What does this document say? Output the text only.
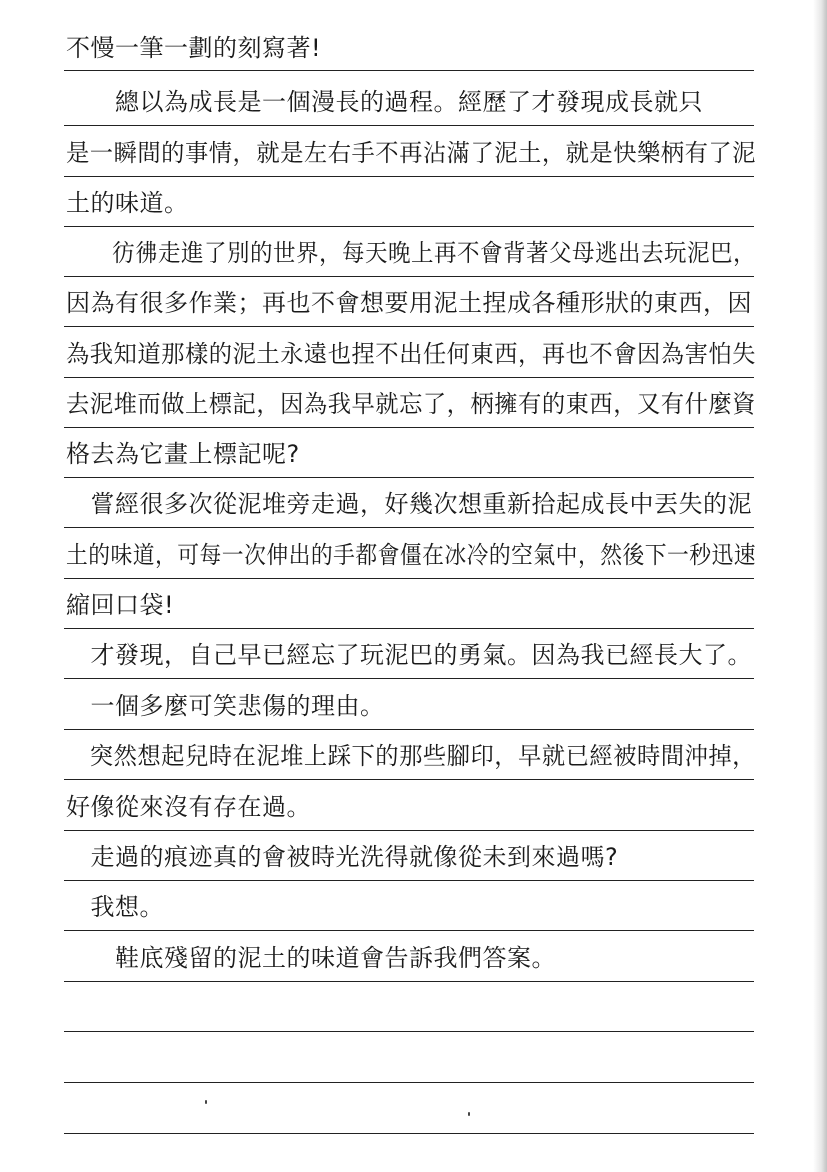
不慢一筆一劃的刻寫著!
　　總以為成長是一個漫長的過程。經歷了才發現成長就只
是一瞬間的事情，就是左右手不再沾滿了泥土，就是快樂柄有了泥
土的味道。
　　彷彿走進了別的世界，每天晚上再不會背著父母逃出去玩泥巴，
因為有很多作業；再也不會想要用泥土捏成各種形狀的東西，因
為我知道那樣的泥土永遠也捏不出任何東西，再也不會因為害怕失
去泥堆而做上標記，因為我早就忘了，柄擁有的東西，又有什麼資
格去為它畫上標記呢?
　嘗經很多次從泥堆旁走過，好幾次想重新拾起成長中丟失的泥
土的味道，可每一次伸出的手都會僵在冰冷的空氣中，然後下一秒迅速
縮回口袋!
　才發現，自己早已經忘了玩泥巴的勇氣。因為我已經長大了。
　一個多麼可笑悲傷的理由。
　突然想起兒時在泥堆上踩下的那些腳印，早就已經被時間沖掉，
好像從來沒有存在過。
　走過的痕迹真的會被時光洗得就像從未到來過嗎?
　我想。
　　鞋底殘留的泥土的味道會告訴我們答案。
